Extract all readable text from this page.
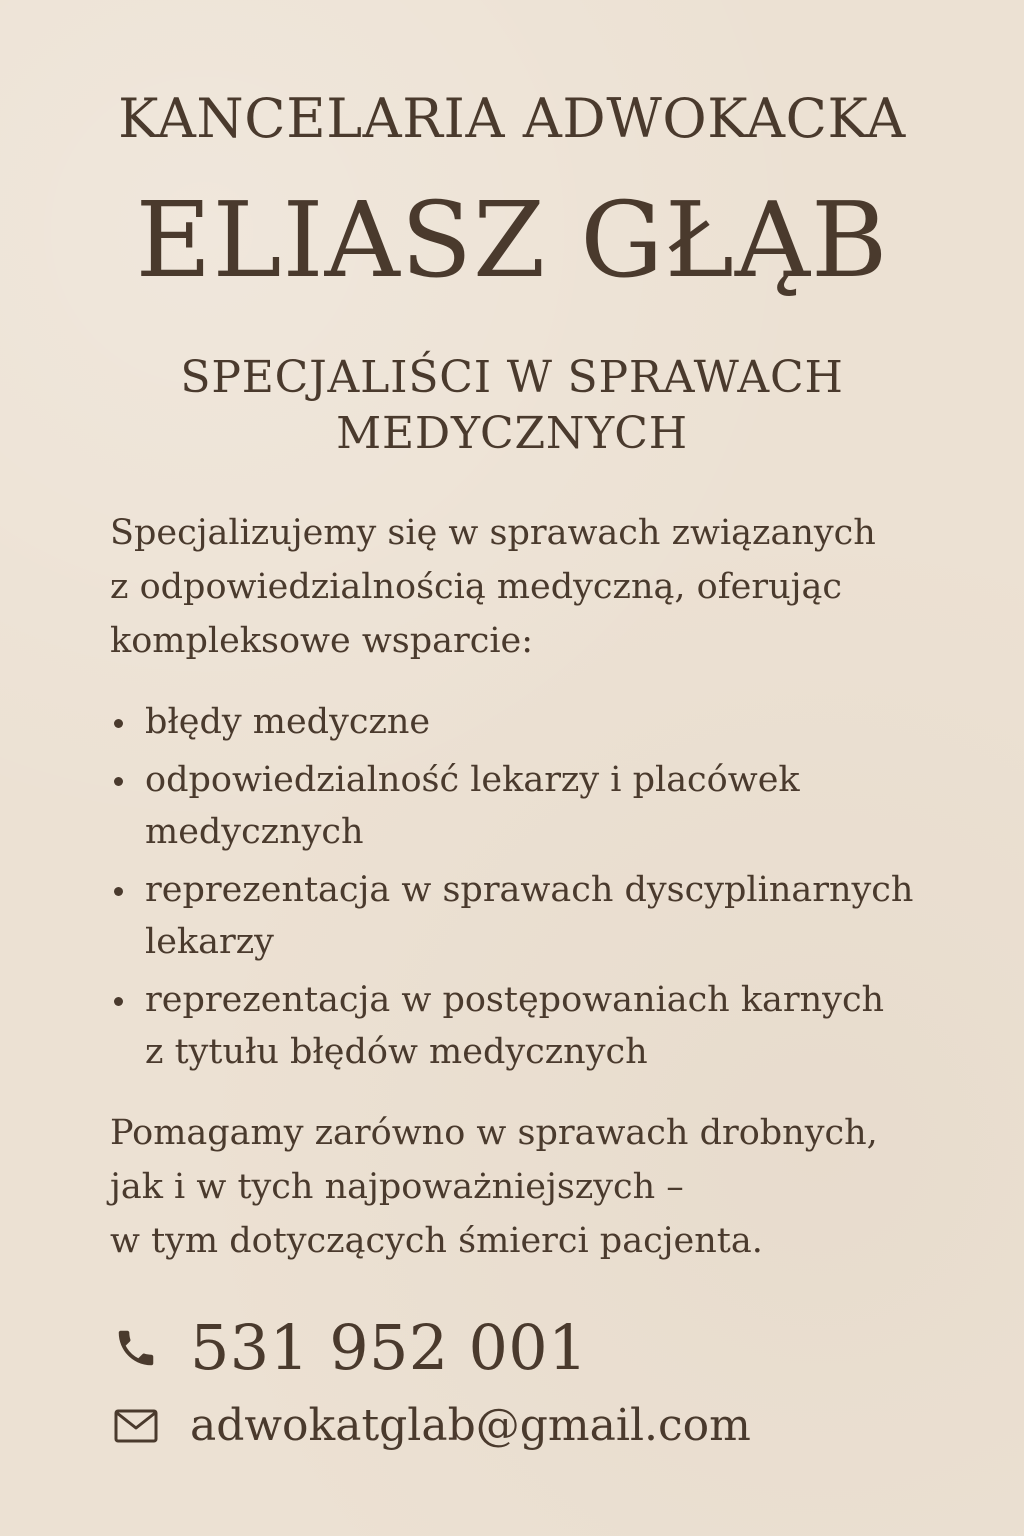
KANCELARIA ADWOKACKA
ELIASZ GŁĄB
SPECJALIŚCI W SPRAWACH
MEDYCZNYCH
Specjalizujemy się w sprawach związanych
z odpowiedzialnością medyczną, oferując
kompleksowe wsparcie:
błędy medyczne
odpowiedzialność lekarzy i placówek
medycznych
reprezentacja w sprawach dyscyplinarnych
lekarzy
reprezentacja w postępowaniach karnych
z tytułu błędów medycznych
Pomagamy zarówno w sprawach drobnych,
jak i w tych najpoważniejszych –
w tym dotyczących śmierci pacjenta.
531 952 001
adwokatglab@gmail.com
